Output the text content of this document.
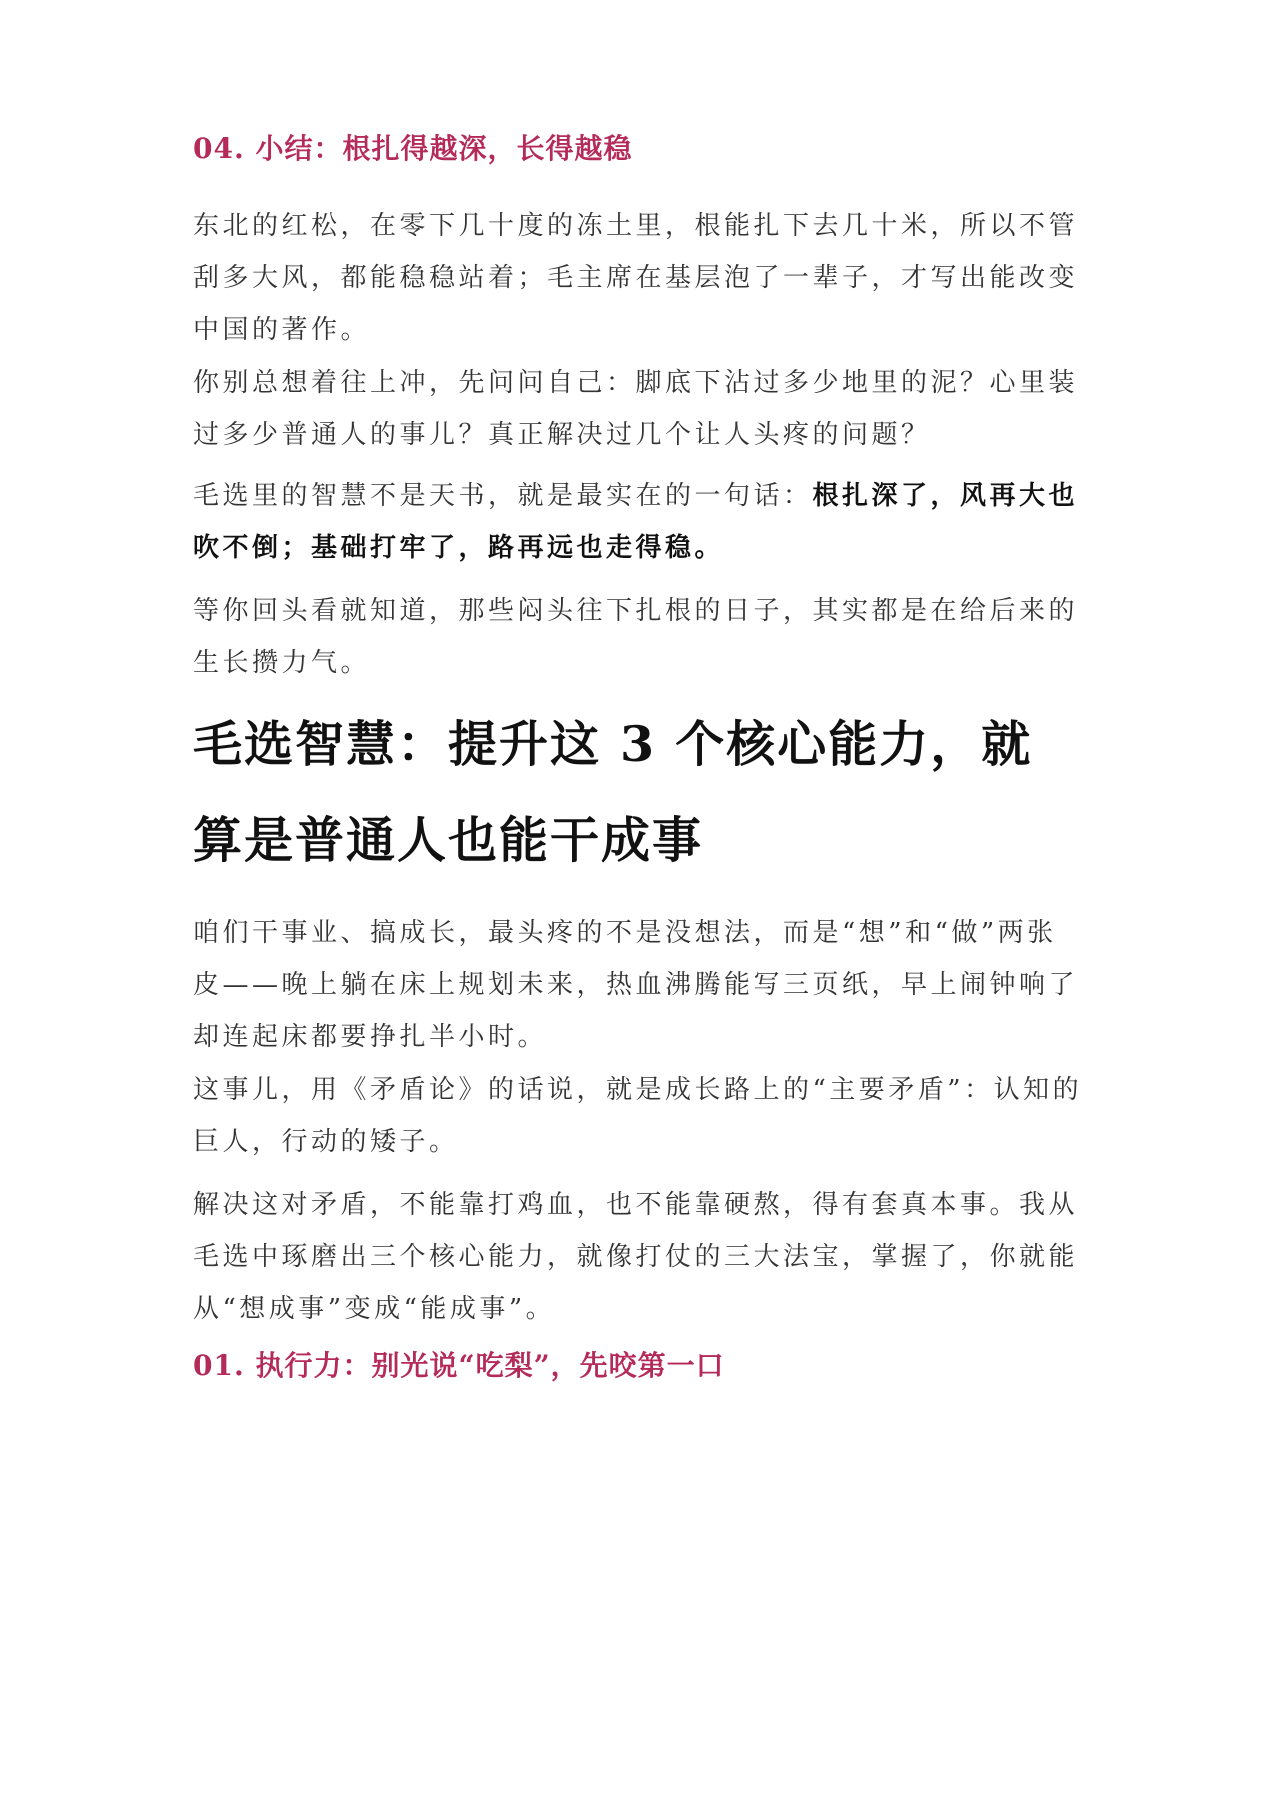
04. 小结：根扎得越深，长得越稳

东北的红松，在零下几十度的冻土里，根能扎下去几十米，所以不管刮多大风，都能稳稳站着；毛主席在基层泡了一辈子，才写出能改变中国的著作。

你别总想着往上冲，先问问自己：脚底下沾过多少地里的泥？心里装过多少普通人的事儿？真正解决过几个让人头疼的问题？

毛选里的智慧不是天书，就是最实在的一句话：根扎深了，风再大也吹不倒；基础打牢了，路再远也走得稳。

等你回头看就知道，那些闷头往下扎根的日子，其实都是在给后来的生长攒力气。

毛选智慧：提升这 3 个核心能力，就算是普通人也能干成事

咱们干事业、搞成长，最头疼的不是没想法，而是“想”和“做”两张皮——晚上躺在床上规划未来，热血沸腾能写三页纸，早上闹钟响了却连起床都要挣扎半小时。

这事儿，用《矛盾论》的话说，就是成长路上的“主要矛盾”：认知的巨人，行动的矮子。

解决这对矛盾，不能靠打鸡血，也不能靠硬熬，得有套真本事。我从毛选中琢磨出三个核心能力，就像打仗的三大法宝，掌握了，你就能从“想成事”变成“能成事”。

01. 执行力：别光说“吃梨”，先咬第一口
